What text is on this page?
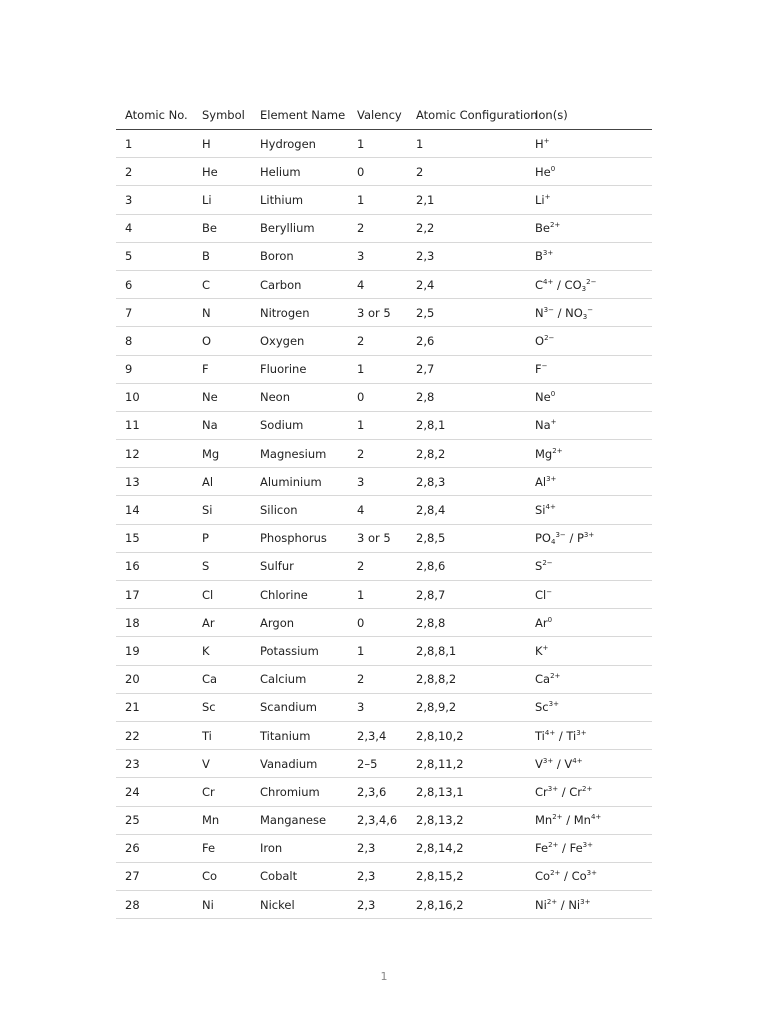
Atomic No.	Symbol	Element Name	Valency	Atomic Configuration	Ion(s)
1	H	Hydrogen	1	1	H+
2	He	Helium	0	2	He$^0$
3	Li	Lithium	1	2,1	Li+
4	Be	Beryllium	2	2,2	$Be^{2+}$
5	B	Boron	3	2,3	$B^{3+}$
6	C	Carbon	4	2,4	$C^{4+} / CO_3^{2-}$
7	N	Nitrogen	3 or 5	2,5	$N^{3-} / NO_3^-$
8	O	Oxygen	2	2,6	$O^{2-}$
9	F	Fluorine	1	2,7	F−
10	Ne	Neon	0	2,8	Ne$^0$
11	Na	Sodium	1	2,8,1	Na+
12	Mg	Magnesium	2	2,8,2	$Mg^{2+}$
13	Al	Aluminium	3	2,8,3	$Al^{3+}$
14	Si	Silicon	4	2,8,4	$Si^{4+}$
15	P	Phosphorus	3 or 5	2,8,5	$PO_4^{3-} / P^{3+}$
16	S	Sulfur	2	2,8,6	$S^{2-}$
17	Cl	Chlorine	1	2,8,7	Cl−
18	Ar	Argon	0	2,8,8	Ar$^0$
19	K	Potassium	1	2,8,8,1	K+
20	Ca	Calcium	2	2,8,8,2	$Ca^{2+}$
21	Sc	Scandium	3	2,8,9,2	$Sc^{3+}$
22	Ti	Titanium	2,3,4	2,8,10,2	$Ti^{4+} / Ti^{3+}$
23	V	Vanadium	2–5	2,8,11,2	$V^{3+} / V^{4+}$
24	Cr	Chromium	2,3,6	2,8,13,1	$Cr^{3+} / Cr^{2+}$
25	Mn	Manganese	2,3,4,6	2,8,13,2	$Mn^{2+} / Mn^{4+}$
26	Fe	Iron	2,3	2,8,14,2	$Fe^{2+} / Fe^{3+}$
27	Co	Cobalt	2,3	2,8,15,2	$Co^{2+} / Co^{3+}$
28	Ni	Nickel	2,3	2,8,16,2	$Ni^{2+} / Ni^{3+}$
1
